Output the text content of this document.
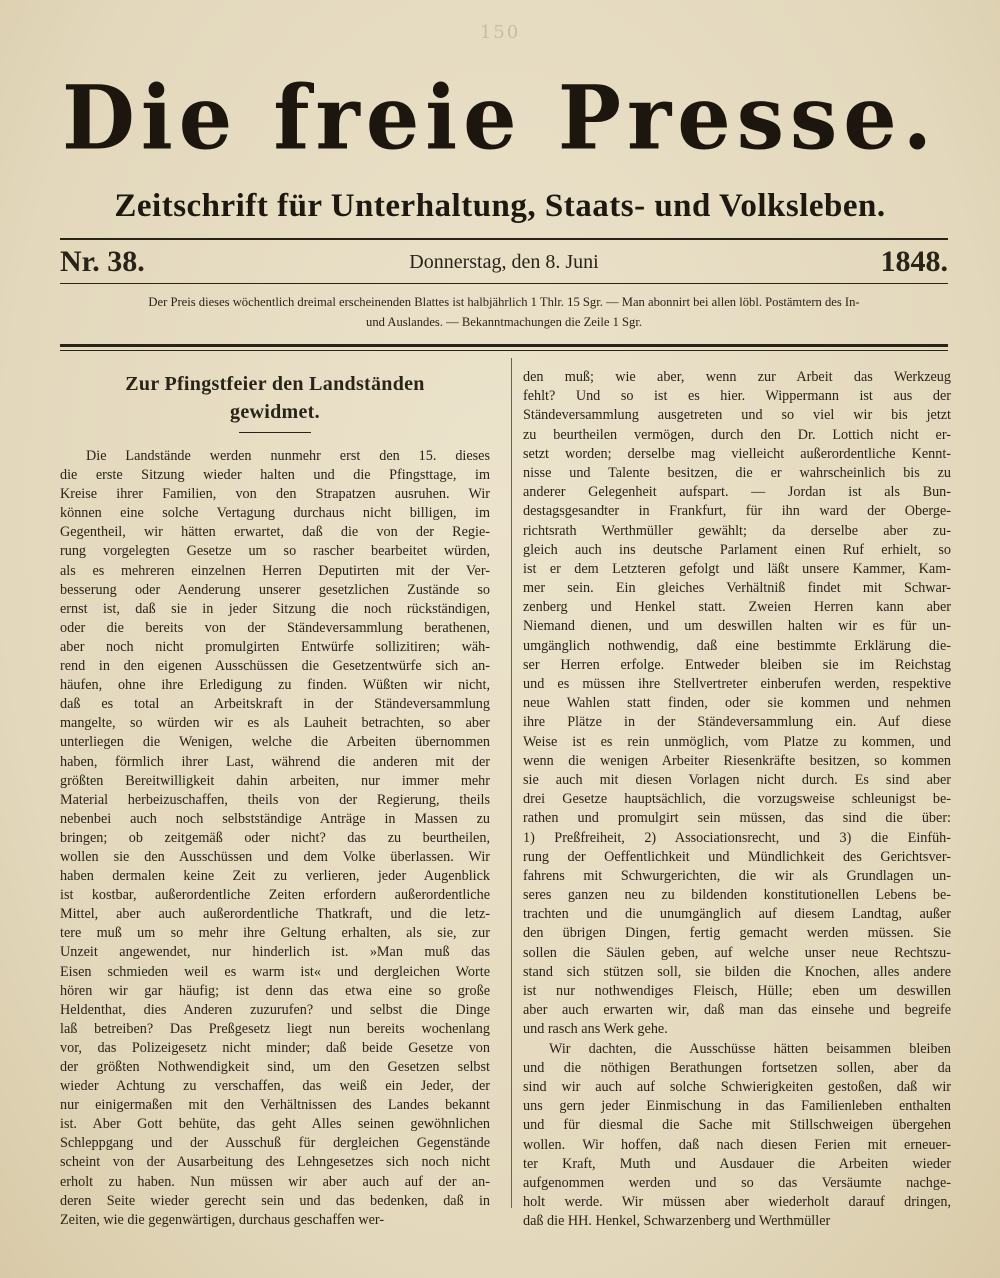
150
Die freie Presse.
Zeitschrift für Unterhaltung, Staats- und Volksleben.
Nr. 38.	Donnerstag, den 8. Juni	1848.
Der Preis dieses wöchentlich dreimal erscheinenden Blattes ist halbjährlich 1 Thlr. 15 Sgr. — Man abonnirt bei allen löbl. Postämtern des In-
und Auslandes. — Bekanntmachungen die Zeile 1 Sgr.
Zur Pfingstfeier den Landständen
gewidmet.
Die Landstände werden nunmehr erst den 15. dieses
die erste Sitzung wieder halten und die Pfingsttage, im
Kreise ihrer Familien, von den Strapatzen ausruhen. Wir
können eine solche Vertagung durchaus nicht billigen, im
Gegentheil, wir hätten erwartet, daß die von der Regie-
rung vorgelegten Gesetze um so rascher bearbeitet würden,
als es mehreren einzelnen Herren Deputirten mit der Ver-
besserung oder Aenderung unserer gesetzlichen Zustände so
ernst ist, daß sie in jeder Sitzung die noch rückständigen,
oder die bereits von der Ständeversammlung berathenen,
aber noch nicht promulgirten Entwürfe sollizitiren; wäh-
rend in den eigenen Ausschüssen die Gesetzentwürfe sich an-
häufen, ohne ihre Erledigung zu finden. Wüßten wir nicht,
daß es total an Arbeitskraft in der Ständeversammlung
mangelte, so würden wir es als Lauheit betrachten, so aber
unterliegen die Wenigen, welche die Arbeiten übernommen
haben, förmlich ihrer Last, während die anderen mit der
größten Bereitwilligkeit dahin arbeiten, nur immer mehr
Material herbeizuschaffen, theils von der Regierung, theils
nebenbei auch noch selbstständige Anträge in Massen zu
bringen; ob zeitgemäß oder nicht? das zu beurtheilen,
wollen sie den Ausschüssen und dem Volke überlassen. Wir
haben dermalen keine Zeit zu verlieren, jeder Augenblick
ist kostbar, außerordentliche Zeiten erfordern außerordentliche
Mittel, aber auch außerordentliche Thatkraft, und die letz-
tere muß um so mehr ihre Geltung erhalten, als sie, zur
Unzeit angewendet, nur hinderlich ist. »Man muß das
Eisen schmieden weil es warm ist« und dergleichen Worte
hören wir gar häufig; ist denn das etwa eine so große
Heldenthat, dies Anderen zuzurufen? und selbst die Dinge
laß betreiben? Das Preßgesetz liegt nun bereits wochenlang
vor, das Polizeigesetz nicht minder; daß beide Gesetze von
der größten Nothwendigkeit sind, um den Gesetzen selbst
wieder Achtung zu verschaffen, das weiß ein Jeder, der
nur einigermaßen mit den Verhältnissen des Landes bekannt
ist. Aber Gott behüte, das geht Alles seinen gewöhnlichen
Schleppgang und der Ausschuß für dergleichen Gegenstände
scheint von der Ausarbeitung des Lehngesetzes sich noch nicht
erholt zu haben. Nun müssen wir aber auch auf der an-
deren Seite wieder gerecht sein und das bedenken, daß in
Zeiten, wie die gegenwärtigen, durchaus geschaffen wer-
den muß; wie aber, wenn zur Arbeit das Werkzeug
fehlt? Und so ist es hier. Wippermann ist aus der
Ständeversammlung ausgetreten und so viel wir bis jetzt
zu beurtheilen vermögen, durch den Dr. Lottich nicht er-
setzt worden; derselbe mag vielleicht außerordentliche Kennt-
nisse und Talente besitzen, die er wahrscheinlich bis zu
anderer Gelegenheit aufspart. — Jordan ist als Bun-
destagsgesandter in Frankfurt, für ihn ward der Oberge-
richtsrath Werthmüller gewählt; da derselbe aber zu-
gleich auch ins deutsche Parlament einen Ruf erhielt, so
ist er dem Letzteren gefolgt und läßt unsere Kammer, Kam-
mer sein. Ein gleiches Verhältniß findet mit Schwar-
zenberg und Henkel statt. Zweien Herren kann aber
Niemand dienen, und um deswillen halten wir es für un-
umgänglich nothwendig, daß eine bestimmte Erklärung die-
ser Herren erfolge. Entweder bleiben sie im Reichstag
und es müssen ihre Stellvertreter einberufen werden, respektive
neue Wahlen statt finden, oder sie kommen und nehmen
ihre Plätze in der Ständeversammlung ein. Auf diese
Weise ist es rein unmöglich, vom Platze zu kommen, und
wenn die wenigen Arbeiter Riesenkräfte besitzen, so kommen
sie auch mit diesen Vorlagen nicht durch. Es sind aber
drei Gesetze hauptsächlich, die vorzugsweise schleunigst be-
rathen und promulgirt sein müssen, das sind die über:
1) Preßfreiheit, 2) Associationsrecht, und 3) die Einfüh-
rung der Oeffentlichkeit und Mündlichkeit des Gerichtsver-
fahrens mit Schwurgerichten, die wir als Grundlagen un-
seres ganzen neu zu bildenden konstitutionellen Lebens be-
trachten und die unumgänglich auf diesem Landtag, außer
den übrigen Dingen, fertig gemacht werden müssen. Sie
sollen die Säulen geben, auf welche unser neue Rechtszu-
stand sich stützen soll, sie bilden die Knochen, alles andere
ist nur nothwendiges Fleisch, Hülle; eben um deswillen
aber auch erwarten wir, daß man das einsehe und begreife
und rasch ans Werk gehe.
Wir dachten, die Ausschüsse hätten beisammen bleiben
und die nöthigen Berathungen fortsetzen sollen, aber da
sind wir auch auf solche Schwierigkeiten gestoßen, daß wir
uns gern jeder Einmischung in das Familienleben enthalten
und für diesmal die Sache mit Stillschweigen übergehen
wollen. Wir hoffen, daß nach diesen Ferien mit erneuer-
ter Kraft, Muth und Ausdauer die Arbeiten wieder
aufgenommen werden und so das Versäumte nachge-
holt werde. Wir müssen aber wiederholt darauf dringen,
daß die HH. Henkel, Schwarzenberg und Werthmüller
